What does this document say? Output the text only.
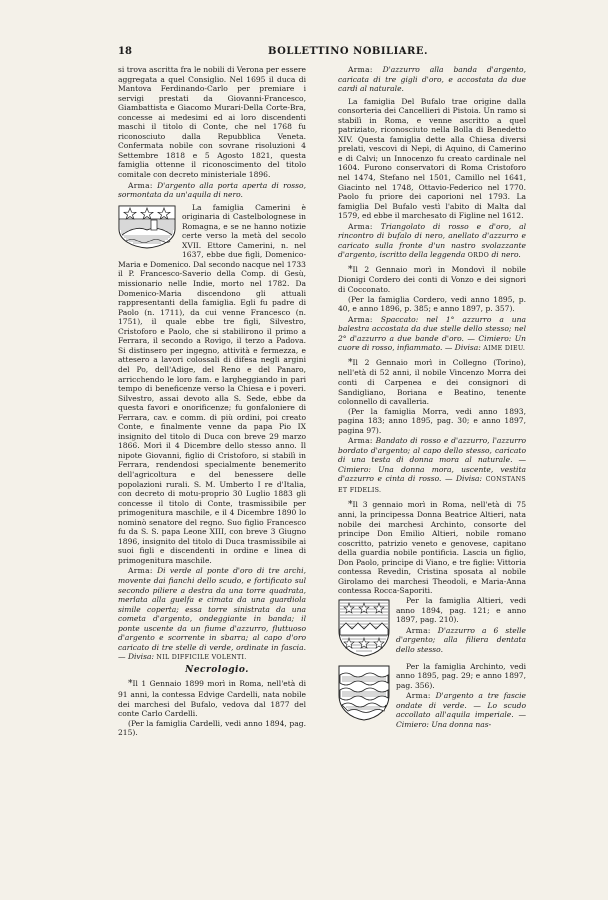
18	BOLLETTINO NOBILIARE.

si trova ascritta fra le nobili di Verona per essere aggregata a quel Consiglio. Nel 1695 il duca di Mantova Ferdinando-Carlo per premiare i servigi prestati da Giovanni-Francesco, Giambattista e Giacomo Murari-Della Corte-Bra, concesse ai medesimi ed ai loro discendenti maschi il titolo di Conte, che nel 1768 fu riconosciuto dalla Repubblica Veneta. Confermata nobile con sovrane risoluzioni 4 Settembre 1818 e 5 Agosto 1821, questa famiglia ottenne il riconoscimento del titolo comitale con decreto ministeriale 1896.

Arma: D'argento alla porta aperta di rosso, sormontata da un'aquila di nero.

La famiglia Camerini è originaria di Castelbolognese in Romagna, e se ne hanno notizie certe verso la metà del secolo XVII. Ettore Camerini, n. nel 1637, ebbe due figli, Domenico-Maria e Domenico. Dal secondo nacque nel 1733 il P. Francesco-Saverio della Comp. di Gesù, missionario nelle Indie, morto nel 1782. Da Domenico-Maria discendono gli attuali rappresentanti della famiglia. Egli fu padre di Paolo (n. 1711), da cui venne Francesco (n. 1751), il quale ebbe tre figli, Silvestro, Cristoforo e Paolo, che si stabilirono il primo a Ferrara, il secondo a Rovigo, il terzo a Padova. Si distinsero per ingegno, attività e fermezza, e attesero a lavori colossali di difesa negli argini del Po, dell'Adige, del Reno e del Panaro, arricchendo le loro fam. e largheggiando in pari tempo di beneficenze verso la Chiesa e i poveri. Silvestro, assai devoto alla S. Sede, ebbe da questa favori e onorificenze; fu gonfaloniere di Ferrara, cav. e comm. di più ordini, poi creato Conte, e finalmente venne da papa Pio IX insignito del titolo di Duca con breve 29 marzo 1866. Morì il 4 Dicembre dello stesso anno. Il nipote Giovanni, figlio di Cristoforo, si stabilì in Ferrara, rendendosi specialmente benemerito dell'agricoltura e del benessere delle popolazioni rurali. S. M. Umberto I re d'Italia, con decreto di motu-proprio 30 Luglio 1883 gli concesse il titolo di Conte, trasmissibile per primogenitura maschile, e il 4 Dicembre 1890 lo nominò senatore del regno. Suo figlio Francesco fu da S. S. papa Leone XIII, con breve 3 Giugno 1896, insignito del titolo di Duca trasmissibile ai suoi figli e discendenti in ordine e linea di primogenitura maschile.

Arma: Di verde al ponte d'oro di tre archi, movente dai fianchi dello scudo, e fortificato sul secondo piliere a destra da una torre quadrata, merlata alla guelfa e cimata da una guardiola simile coperta; essa torre sinistrata da una cometa d'argento, ondeggiante in banda; il ponte uscente da un fiume d'azzurro, fluttuoso d'argento e scorrente in sbarra; al capo d'oro caricato di tre stelle di verde, ordinate in fascia. — Divisa: NIL DIFFICILE VOLENTI.

Necrologio.

*Il 1 Gennaio 1899 morì in Roma, nell'età di 91 anni, la contessa Edvige Cardelli, nata nobile dei marchesi del Bufalo, vedova dal 1877 del conte Carlo Cardelli.

(Per la famiglia Cardelli, vedi anno 1894, pag. 215).

Arma: D'azzurro alla banda d'argento, caricata di tre gigli d'oro, e accostata da due cardi al naturale.

La famiglia Del Bufalo trae origine dalla consorteria dei Cancellieri di Pistoia. Un ramo si stabilì in Roma, e venne ascritto a quel patriziato, riconosciuto nella Bolla di Benedetto XIV. Questa famiglia dette alla Chiesa diversi prelati, vescovi di Nepi, di Aquino, di Camerino e di Calvi; un Innocenzo fu creato cardinale nel 1604. Furono conservatori di Roma Cristoforo nel 1474, Stefano nel 1501, Camillo nel 1641, Giacinto nel 1748, Ottavio-Federico nel 1770. Paolo fu priore dei caporioni nel 1793. La famiglia Del Bufalo vestì l'abito di Malta dal 1579, ed ebbe il marchesato di Figline nel 1612.

Arma: Triangolato di rosso e d'oro, al rincontro di bufalo di nero, anellato d'azzurro e caricato sulla fronte d'un nastro svolazzante d'argento, iscritto della leggenda ORDO di nero.

*Il 2 Gennaio morì in Mondovì il nobile Dionigi Cordero dei conti di Vonzo e dei signori di Cocconato.

(Per la famiglia Cordero, vedi anno 1895, p. 40, e anno 1896, p. 385; e anno 1897, p. 357).

Arma: Spaccato: nel 1° azzurro a una balestra accostata da due stelle dello stesso; nel 2° d'azzurro a due bande d'oro. — Cimiero: Un cuore di rosso, infiammato. — Divisa: AIME DIEU.

*Il 2 Gennaio morì in Collegno (Torino), nell'età di 52 anni, il nobile Vincenzo Morra dei conti di Carpenea e dei consignori di Sandigliano, Boriana e Beatino, tenente colonnello di cavalleria.

(Per la famiglia Morra, vedi anno 1893, pagina 183; anno 1895, pag. 30; e anno 1897, pagina 97).

Arma: Bandato di rosso e d'azzurro, l'azzurro bordato d'argento; al capo dello stesso, caricato di una testa di donna mora al naturale. — Cimiero: Una donna mora, uscente, vestita d'azzurro e cinta di rosso. — Divisa: CONSTANS ET FIDELIS.

*Il 3 gennaio morì in Roma, nell'età di 75 anni, la principessa Donna Beatrice Altieri, nata nobile dei marchesi Archinto, consorte del principe Don Emilio Altieri, nobile romano coscritto, patrizio veneto e genovese, capitano della guardia nobile pontificia. Lascia un figlio, Don Paolo, principe di Viano, e tre figlie: Vittoria contessa Revedin, Cristina sposata al nobile Girolamo dei marchesi Theodoli, e Maria-Anna contessa Rocca-Saporiti.

Per la famiglia Altieri, vedi anno 1894, pag. 121; e anno 1897, pag. 210).

Arma: D'azzurro a 6 stelle d'argento; alla filiera dentata dello stesso.

Per la famiglia Archinto, vedi anno 1895, pag. 29; e anno 1897, pag. 356).

Arma: D'argento a tre fascie ondate di verde. — Lo scudo accollato all'aquila imperiale. — Cimiero: Una donna nas-
